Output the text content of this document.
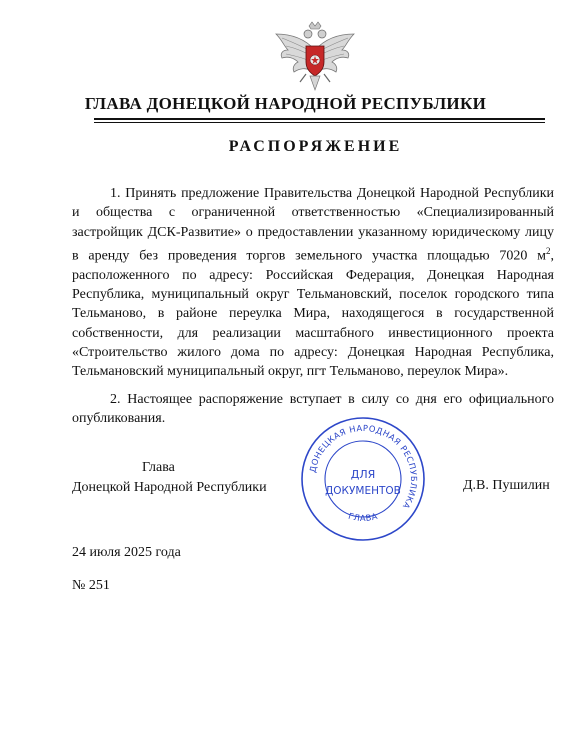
ГЛАВА ДОНЕЦКОЙ НАРОДНОЙ РЕСПУБЛИКИ
РАСПОРЯЖЕНИЕ

1. Принять предложение Правительства Донецкой Народной Республики и общества с ограниченной ответственностью «Специализированный застройщик ДСК-Развитие» о предоставлении указанному юридическому лицу в аренду без проведения торгов земельного участка площадью 7020 $м^2$, расположенного по адресу: Российская Федерация, Донецкая Народная Республика, муниципальный округ Тельмановский, поселок городского типа Тельманово, в районе переулка Мира, находящегося в государственной собственности, для реализации масштабного инвестиционного проекта «Строительство жилого дома по адресу: Донецкая Народная Республика, Тельмановский муниципальный округ, пгт Тельманово, переулок Мира».

2. Настоящее распоряжение вступает в силу со дня его официального опубликования.

Глава
Донецкой Народной Республики
ДОНЕЦКАЯ НАРОДНАЯ РЕСПУБЛИКА
ГЛАВА
ДЛЯ
ДОКУМЕНТОВ	Д.В. Пушилин
24 июля 2025 года
№ 251
